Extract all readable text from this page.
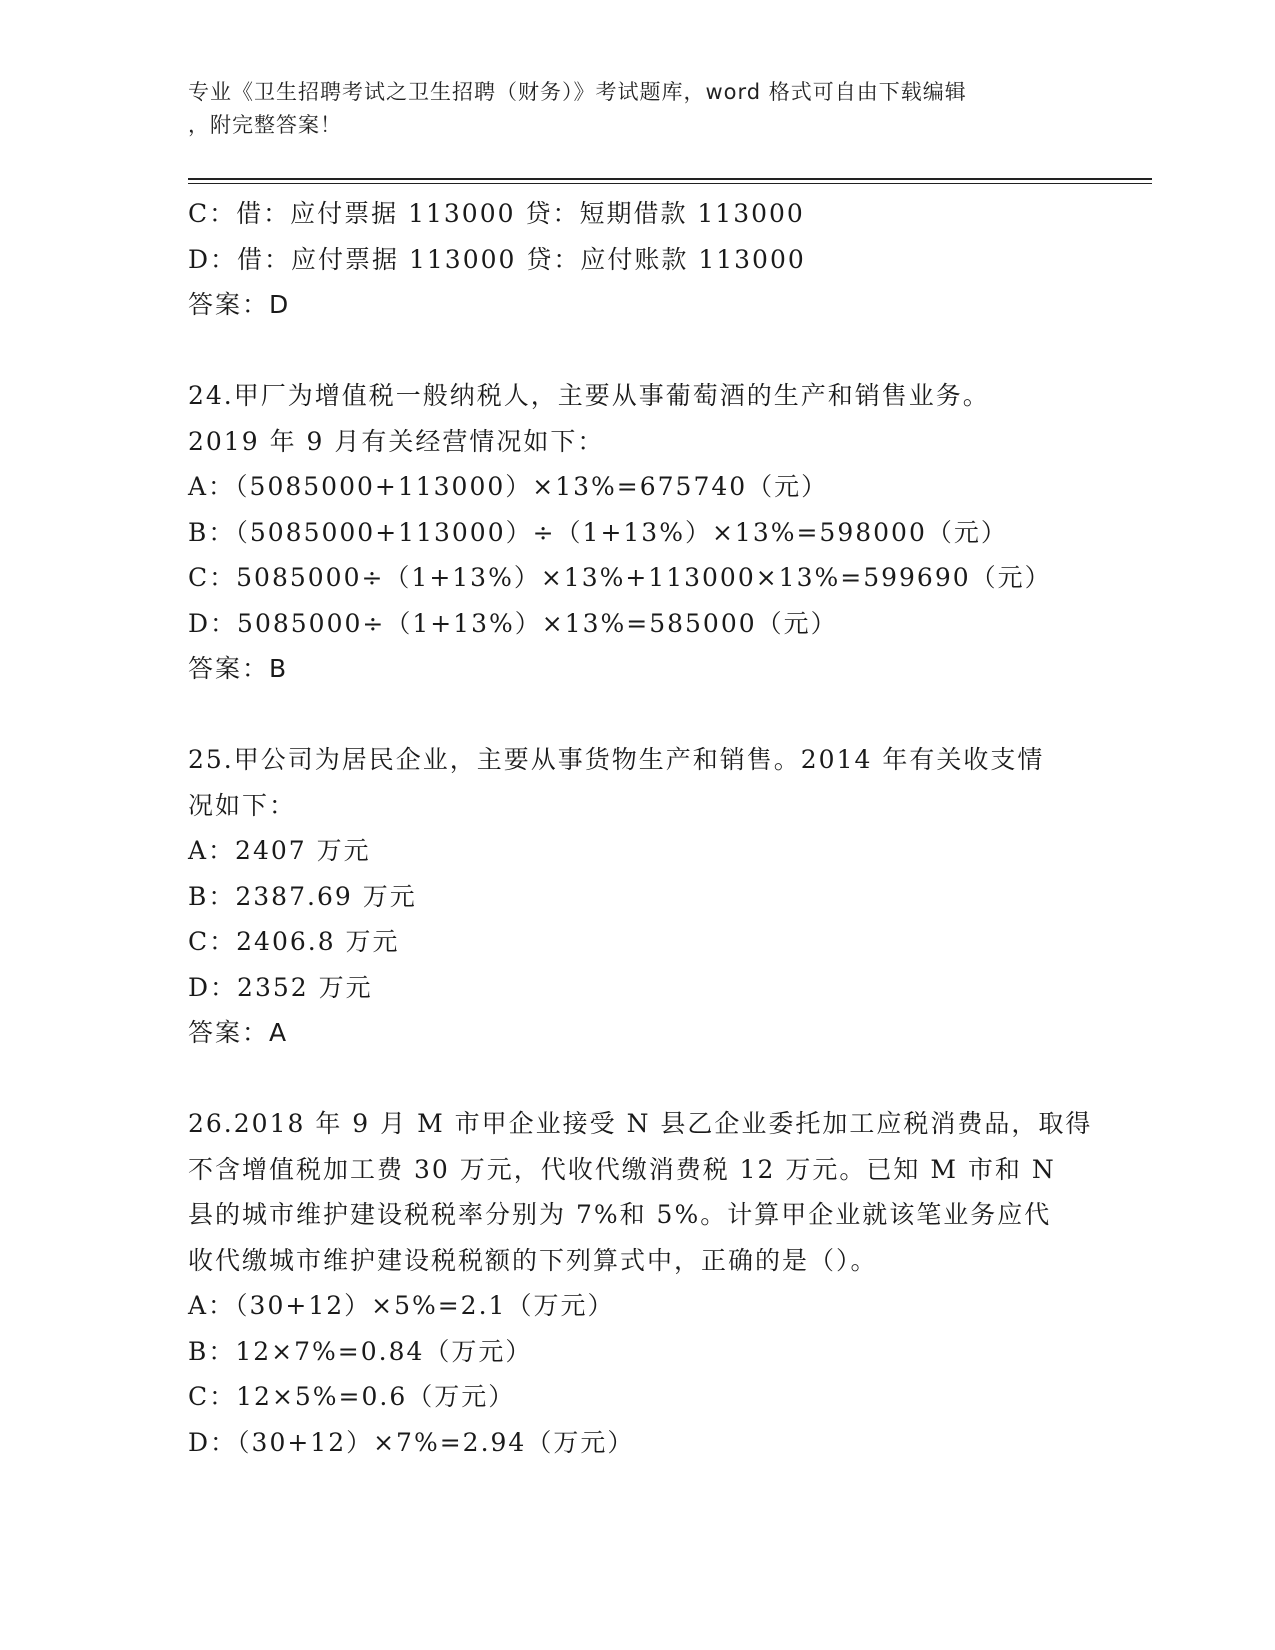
专业《卫生招聘考试之卫生招聘（财务）》考试题库，word 格式可自由下载编辑
，附完整答案！
C：借：应付票据 113000 贷：短期借款 113000
D：借：应付票据 113000 贷：应付账款 113000
答案：D
24.甲厂为增值税一般纳税人，主要从事葡萄酒的生产和销售业务。
2019 年 9 月有关经营情况如下：
A：（5085000+113000）×13%=675740（元）
B：（5085000+113000）÷（1+13%）×13%=598000（元）
C：5085000÷（1+13%）×13%+113000×13%=599690（元）
D：5085000÷（1+13%）×13%=585000（元）
答案：B
25.甲公司为居民企业，主要从事货物生产和销售。2014 年有关收支情
况如下：
A：2407 万元
B：2387.69 万元
C：2406.8 万元
D：2352 万元
答案：A
26.2018 年 9 月 M 市甲企业接受 N 县乙企业委托加工应税消费品，取得
不含增值税加工费 30 万元，代收代缴消费税 12 万元。已知 M 市和 N
县的城市维护建设税税率分别为 7%和 5%。计算甲企业就该笔业务应代
收代缴城市维护建设税税额的下列算式中，正确的是（）。
A：（30+12）×5%=2.1（万元）
B：12×7%=0.84（万元）
C：12×5%=0.6（万元）
D：（30+12）×7%=2.94（万元）
